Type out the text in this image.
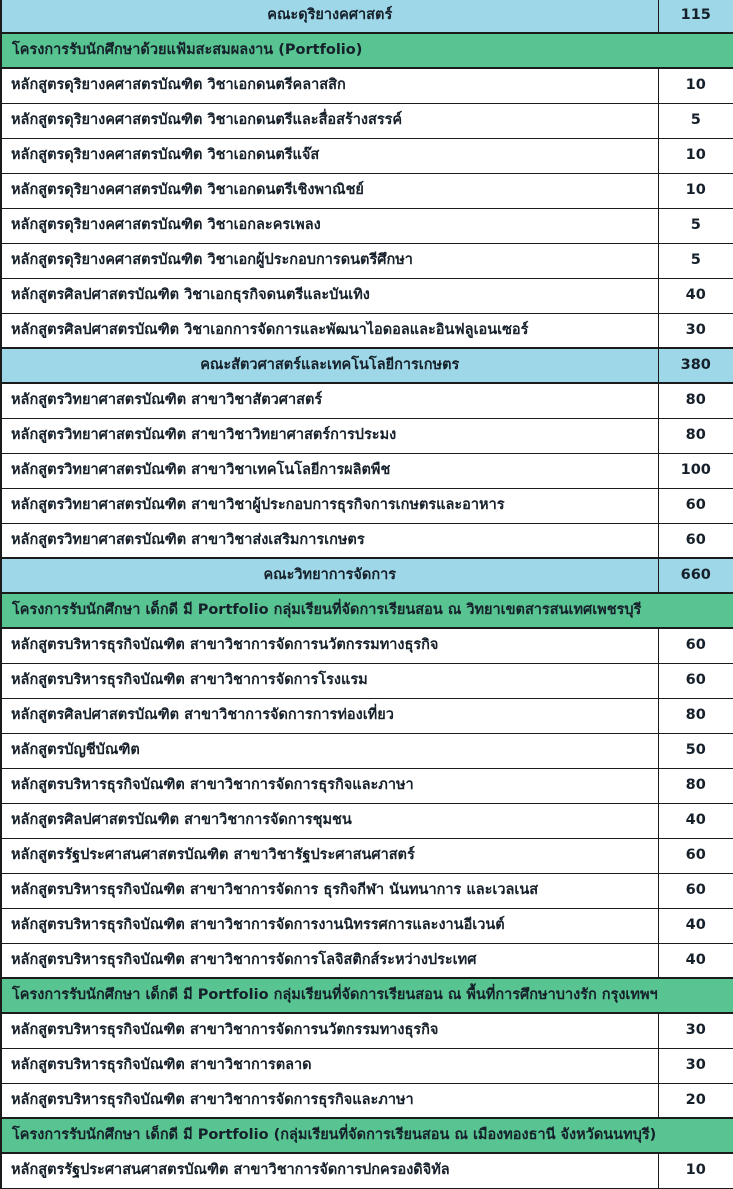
คณะดุริยางคศาสตร์	115
โครงการรับนักศึกษาด้วยแฟ้มสะสมผลงาน (Portfolio)	
หลักสูตรดุริยางคศาสตรบัณฑิต วิชาเอกดนตรีคลาสสิก	10
หลักสูตรดุริยางคศาสตรบัณฑิต วิชาเอกดนตรีและสื่อสร้างสรรค์	5
หลักสูตรดุริยางคศาสตรบัณฑิต วิชาเอกดนตรีแจ๊ส	10
หลักสูตรดุริยางคศาสตรบัณฑิต วิชาเอกดนตรีเชิงพาณิชย์	10
หลักสูตรดุริยางคศาสตรบัณฑิต วิชาเอกละครเพลง	5
หลักสูตรดุริยางคศาสตรบัณฑิต วิชาเอกผู้ประกอบการดนตรีศึกษา	5
หลักสูตรศิลปศาสตรบัณฑิต วิชาเอกธุรกิจดนตรีและบันเทิง	40
หลักสูตรศิลปศาสตรบัณฑิต วิชาเอกการจัดการและพัฒนาไอดอลและอินฟลูเอนเซอร์	30
คณะสัตวศาสตร์และเทคโนโลยีการเกษตร	380
หลักสูตรวิทยาศาสตรบัณฑิต สาขาวิชาสัตวศาสตร์	80
หลักสูตรวิทยาศาสตรบัณฑิต สาขาวิชาวิทยาศาสตร์การประมง	80
หลักสูตรวิทยาศาสตรบัณฑิต สาขาวิชาเทคโนโลยีการผลิตพืช	100
หลักสูตรวิทยาศาสตรบัณฑิต สาขาวิชาผู้ประกอบการธุรกิจการเกษตรและอาหาร	60
หลักสูตรวิทยาศาสตรบัณฑิต สาขาวิชาส่งเสริมการเกษตร	60
คณะวิทยาการจัดการ	660
โครงการรับนักศึกษา เด็กดี มี Portfolio กลุ่มเรียนที่จัดการเรียนสอน ณ วิทยาเขตสารสนเทศเพชรบุรี	
หลักสูตรบริหารธุรกิจบัณฑิต สาขาวิชาการจัดการนวัตกรรมทางธุรกิจ	60
หลักสูตรบริหารธุรกิจบัณฑิต สาขาวิชาการจัดการโรงแรม	60
หลักสูตรศิลปศาสตรบัณฑิต สาขาวิชาการจัดการการท่องเที่ยว	80
หลักสูตรบัญชีบัณฑิต	50
หลักสูตรบริหารธุรกิจบัณฑิต สาขาวิชาการจัดการธุรกิจและภาษา	80
หลักสูตรศิลปศาสตรบัณฑิต สาขาวิชาการจัดการชุมชน	40
หลักสูตรรัฐประศาสนศาสตรบัณฑิต สาขาวิชารัฐประศาสนศาสตร์	60
หลักสูตรบริหารธุรกิจบัณฑิต สาขาวิชาการจัดการ ธุรกิจกีฬา นันทนาการ และเวลเนส	60
หลักสูตรบริหารธุรกิจบัณฑิต สาขาวิชาการจัดการงานนิทรรศการและงานอีเวนต์	40
หลักสูตรบริหารธุรกิจบัณฑิต สาขาวิชาการจัดการโลจิสติกส์ระหว่างประเทศ	40
โครงการรับนักศึกษา เด็กดี มี Portfolio กลุ่มเรียนที่จัดการเรียนสอน ณ พื้นที่การศึกษาบางรัก กรุงเทพฯ	
หลักสูตรบริหารธุรกิจบัณฑิต สาขาวิชาการจัดการนวัตกรรมทางธุรกิจ	30
หลักสูตรบริหารธุรกิจบัณฑิต สาขาวิชาการตลาด	30
หลักสูตรบริหารธุรกิจบัณฑิต สาขาวิชาการจัดการธุรกิจและภาษา	20
โครงการรับนักศึกษา เด็กดี มี Portfolio (กลุ่มเรียนที่จัดการเรียนสอน ณ เมืองทองธานี จังหวัดนนทบุรี)	
หลักสูตรรัฐประศาสนศาสตรบัณฑิต สาขาวิชาการจัดการปกครองดิจิทัล	10
